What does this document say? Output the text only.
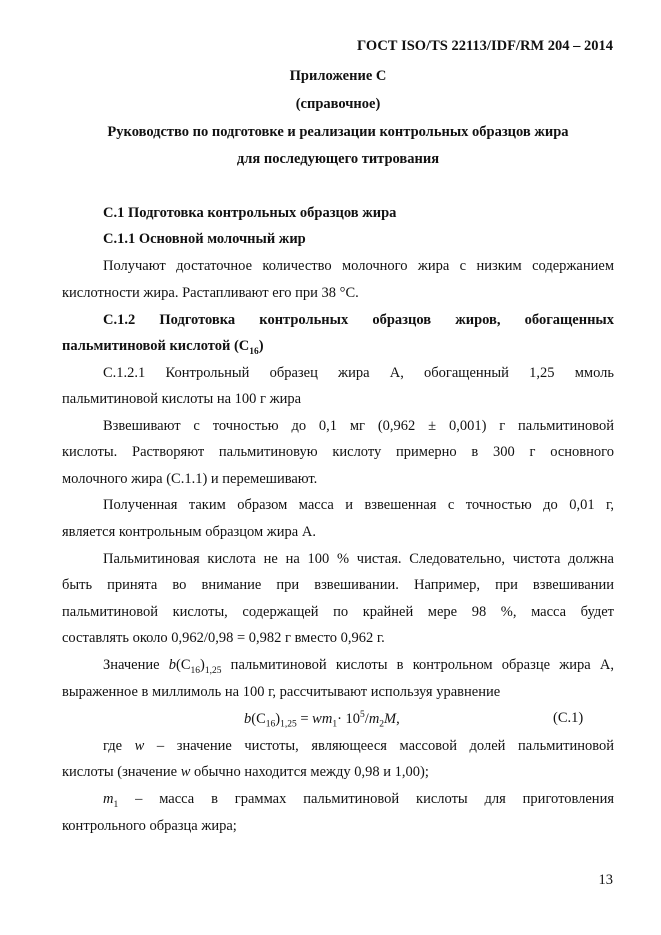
ГОСТ ISO/TS 22113/IDF/RM 204 – 2014
Приложение С
(справочное)
Руководство по подготовке и реализации контрольных образцов жира
для последующего титрования
С.1 Подготовка контрольных образцов жира
С.1.1 Основной молочный жир
Получают достаточное количество молочного жира с низким содержанием
кислотности жира. Растапливают его при 38 °С.
С.1.2 Подготовка контрольных образцов жиров, обогащенных
пальмитиновой кислотой $(С_{16})$
С.1.2.1 Контрольный образец жира А, обогащенный 1,25 ммоль
пальмитиновой кислоты на 100 г жира
Взвешивают с точностью до 0,1 мг (0,962 ± 0,001) г пальмитиновой
кислоты. Растворяют пальмитиновую кислоту примерно в 300 г основного
молочного жира (С.1.1) и перемешивают.
Полученная таким образом масса и взвешенная с точностью до 0,01 г,
является контрольным образцом жира А.
Пальмитиновая кислота не на 100 % чистая. Следовательно, чистота должна
быть принята во внимание при взвешивании. Например, при взвешивании
пальмитиновой кислоты, содержащей по крайней мере 98 %, масса будет
составлять около 0,962/0,98 = 0,982 г вместо 0,962 г.
Значение $b(C_{16})_{1,25}$ пальмитиновой кислоты в контрольном образце жира А,
выраженное в миллимоль на 100 г, рассчитывают используя уравнение
$b(C_{16})_{1,25} = wm_1\cdot 10^5/m_2M$,	(С.1)
где w – значение чистоты, являющееся массовой долей пальмитиновой
кислоты (значение w обычно находится между 0,98 и 1,00);
$m_1$ – масса в граммах пальмитиновой кислоты для приготовления
контрольного образца жира;
13
